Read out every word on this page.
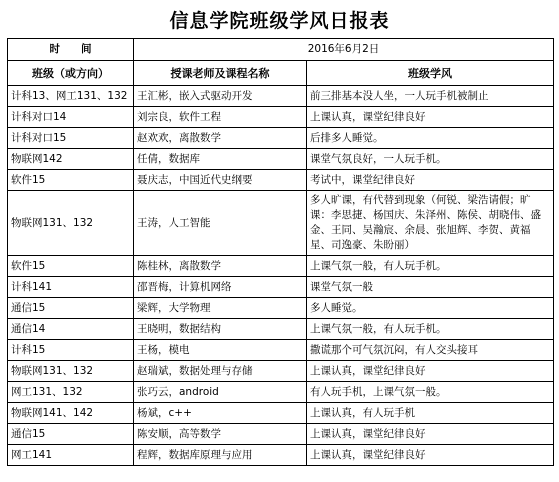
信息学院班级学风日报表
时　　间	2016年6月2日	
班级（或方向）	授课老师及课程名称	班级学风
计科13、网工131、132	王汇彬，嵌入式驱动开发	前三排基本没人坐，一人玩手机被制止
计科对口14	刘宗良，软件工程	上课认真，课堂纪律良好
计科对口15	赵欢欢，离散数学	后排多人睡觉。
物联网142	任倩，数据库	课堂气氛良好，一人玩手机。
软件15	聂庆志，中国近代史纲要	考试中，课堂纪律良好
物联网131、132	王涛，人工智能	多人旷课，有代替到现象（何锐、梁浩请假；旷课：李思捷、杨国庆、朱泽州、陈侯、胡晓伟、盛金、王同、吴瀚宸、余晨、张旭辉、李贺、黄福星、司逸豪、朱盼丽）
软件15	陈桂林，离散数学	上课气氛一般，有人玩手机。
计科141	邵晋梅，计算机网络	课堂气氛一般
通信15	梁辉，大学物理	多人睡觉。
通信14	王晓明，数据结构	上课气氛一般，有人玩手机。
计科15	王杨，模电	撒谎那个可气氛沉闷，有人交头接耳
物联网131、132	赵瑞斌，数据处理与存储	上课认真，课堂纪律良好
网工131、132	张巧云，android	有人玩手机，上课气氛一般。
物联网141、142	杨斌，c++	上课认真，有人玩手机
通信15	陈安顺，高等数学	上课认真，课堂纪律良好
网工141	程辉，数据库原理与应用	上课认真，课堂纪律良好
